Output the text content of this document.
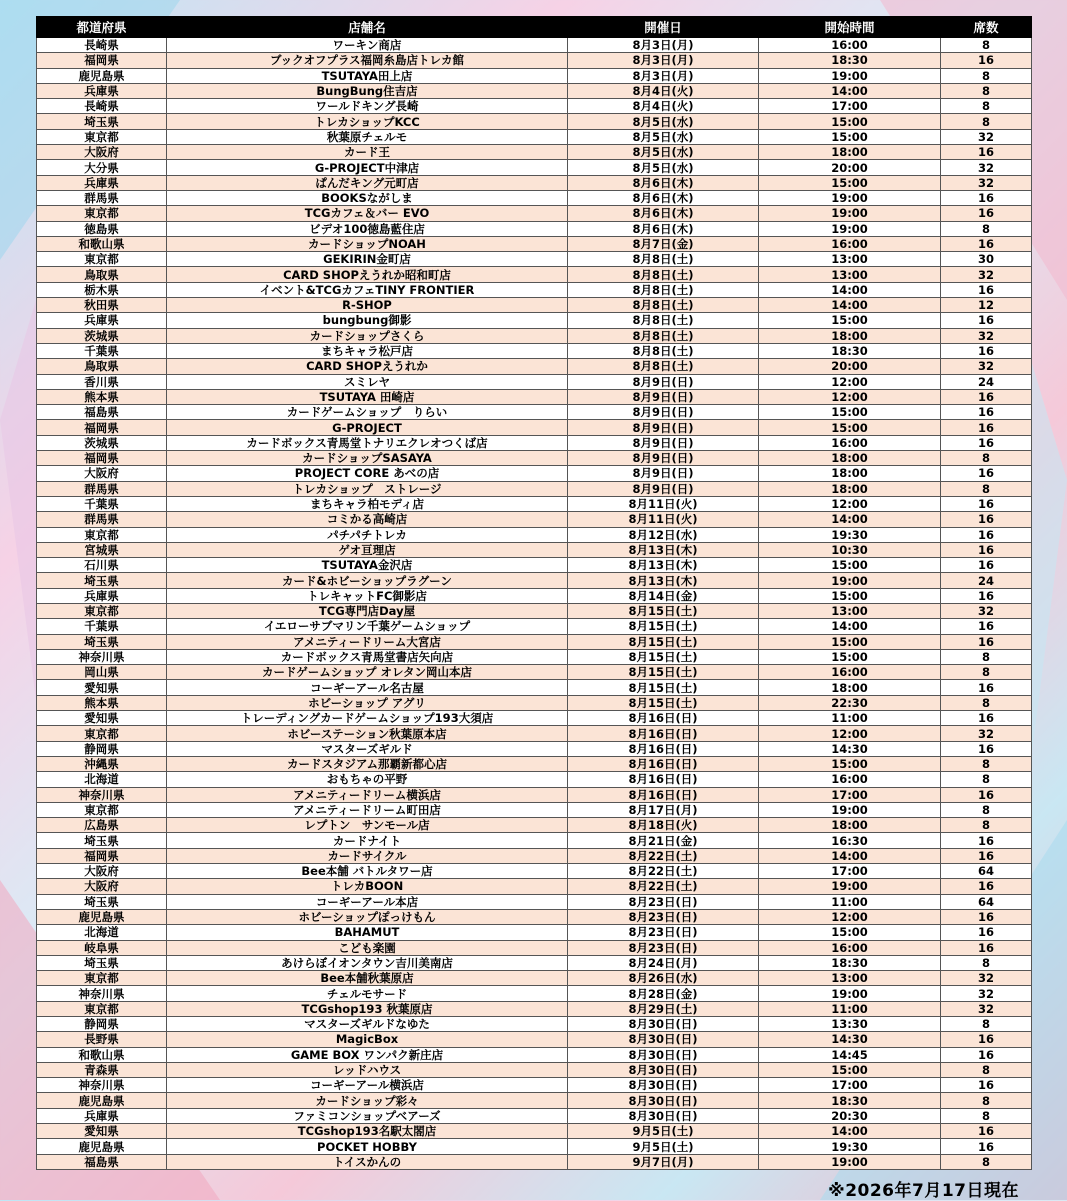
都道府県	店舗名	開催日	開始時間	席数
長崎県	ワーキン商店	8月3日(月)	16:00	8
福岡県	ブックオフプラス福岡糸島店トレカ館	8月3日(月)	18:30	16
鹿児島県	TSUTAYA田上店	8月3日(月)	19:00	8
兵庫県	BungBung住吉店	8月4日(火)	14:00	8
長崎県	ワールドキング長崎	8月4日(火)	17:00	8
埼玉県	トレカショップKCC	8月5日(水)	15:00	8
東京都	秋葉原チェルモ	8月5日(水)	15:00	32
大阪府	カード王	8月5日(水)	18:00	16
大分県	G-PROJECT中津店	8月5日(水)	20:00	32
兵庫県	ぱんだキング元町店	8月6日(木)	15:00	32
群馬県	BOOKSながしま	8月6日(木)	19:00	16
東京都	TCGカフェ＆バー EVO	8月6日(木)	19:00	16
徳島県	ビデオ100徳島藍住店	8月6日(木)	19:00	8
和歌山県	カードショップNOAH	8月7日(金)	16:00	16
東京都	GEKIRIN金町店	8月8日(土)	13:00	30
鳥取県	CARD SHOPえうれか昭和町店	8月8日(土)	13:00	32
栃木県	イベント&TCGカフェTINY FRONTIER	8月8日(土)	14:00	16
秋田県	R-SHOP	8月8日(土)	14:00	12
兵庫県	bungbung御影	8月8日(土)	15:00	16
茨城県	カードショップさくら	8月8日(土)	18:00	32
千葉県	まちキャラ松戸店	8月8日(土)	18:30	16
鳥取県	CARD SHOPえうれか	8月8日(土)	20:00	32
香川県	スミレヤ	8月9日(日)	12:00	24
熊本県	TSUTAYA 田崎店	8月9日(日)	12:00	16
福島県	カードゲームショップ　りらい	8月9日(日)	15:00	16
福岡県	G-PROJECT	8月9日(日)	15:00	16
茨城県	カードボックス青馬堂トナリエクレオつくば店	8月9日(日)	16:00	16
福岡県	カードショップSASAYA	8月9日(日)	18:00	8
大阪府	PROJECT CORE あべの店	8月9日(日)	18:00	16
群馬県	トレカショップ　ストレージ	8月9日(日)	18:00	8
千葉県	まちキャラ柏モディ店	8月11日(火)	12:00	16
群馬県	コミかる高崎店	8月11日(火)	14:00	16
東京都	パチパチトレカ	8月12日(水)	19:30	16
宮城県	ゲオ亘理店	8月13日(木)	10:30	16
石川県	TSUTAYA金沢店	8月13日(木)	15:00	16
埼玉県	カード&ホビーショップラグーン	8月13日(木)	19:00	24
兵庫県	トレキャットFC御影店	8月14日(金)	15:00	16
東京都	TCG専門店Day屋	8月15日(土)	13:00	32
千葉県	イエローサブマリン千葉ゲームショップ	8月15日(土)	14:00	16
埼玉県	アメニティードリーム大宮店	8月15日(土)	15:00	16
神奈川県	カードボックス青馬堂書店矢向店	8月15日(土)	15:00	8
岡山県	カードゲームショップ オレタン岡山本店	8月15日(土)	16:00	8
愛知県	コーギーアール名古屋	8月15日(土)	18:00	16
熊本県	ホビーショップ アグリ	8月15日(土)	22:30	8
愛知県	トレーディングカードゲームショップ193大須店	8月16日(日)	11:00	16
東京都	ホビーステーション秋葉原本店	8月16日(日)	12:00	32
静岡県	マスターズギルド	8月16日(日)	14:30	16
沖縄県	カードスタジアム那覇新都心店	8月16日(日)	15:00	8
北海道	おもちゃの平野	8月16日(日)	16:00	8
神奈川県	アメニティードリーム横浜店	8月16日(日)	17:00	16
東京都	アメニティードリーム町田店	8月17日(月)	19:00	8
広島県	レプトン　サンモール店	8月18日(火)	18:00	8
埼玉県	カードナイト	8月21日(金)	16:30	16
福岡県	カードサイクル	8月22日(土)	14:00	16
大阪府	Bee本舗 バトルタワー店	8月22日(土)	17:00	64
大阪府	トレカBOON	8月22日(土)	19:00	16
埼玉県	コーギーアール本店	8月23日(日)	11:00	64
鹿児島県	ホビーショップぽっけもん	8月23日(日)	12:00	16
北海道	BAHAMUT	8月23日(日)	15:00	16
岐阜県	こども楽園	8月23日(日)	16:00	16
埼玉県	あけらぼイオンタウン吉川美南店	8月24日(月)	18:30	8
東京都	Bee本舗秋葉原店	8月26日(水)	13:00	32
神奈川県	チェルモサード	8月28日(金)	19:00	32
東京都	TCGshop193 秋葉原店	8月29日(土)	11:00	32
静岡県	マスターズギルドなゆた	8月30日(日)	13:30	8
長野県	MagicBox	8月30日(日)	14:30	16
和歌山県	GAME BOX ワンパク新庄店	8月30日(日)	14:45	16
青森県	レッドハウス	8月30日(日)	15:00	8
神奈川県	コーギーアール横浜店	8月30日(日)	17:00	16
鹿児島県	カードショップ彩々	8月30日(日)	18:30	8
兵庫県	ファミコンショップベアーズ	8月30日(日)	20:30	8
愛知県	TCGshop193名駅太閤店	9月5日(土)	14:00	16
鹿児島県	POCKET HOBBY	9月5日(土)	19:30	16
福島県	トイスかんの	9月7日(月)	19:00	8
※2026年7月17日現在
